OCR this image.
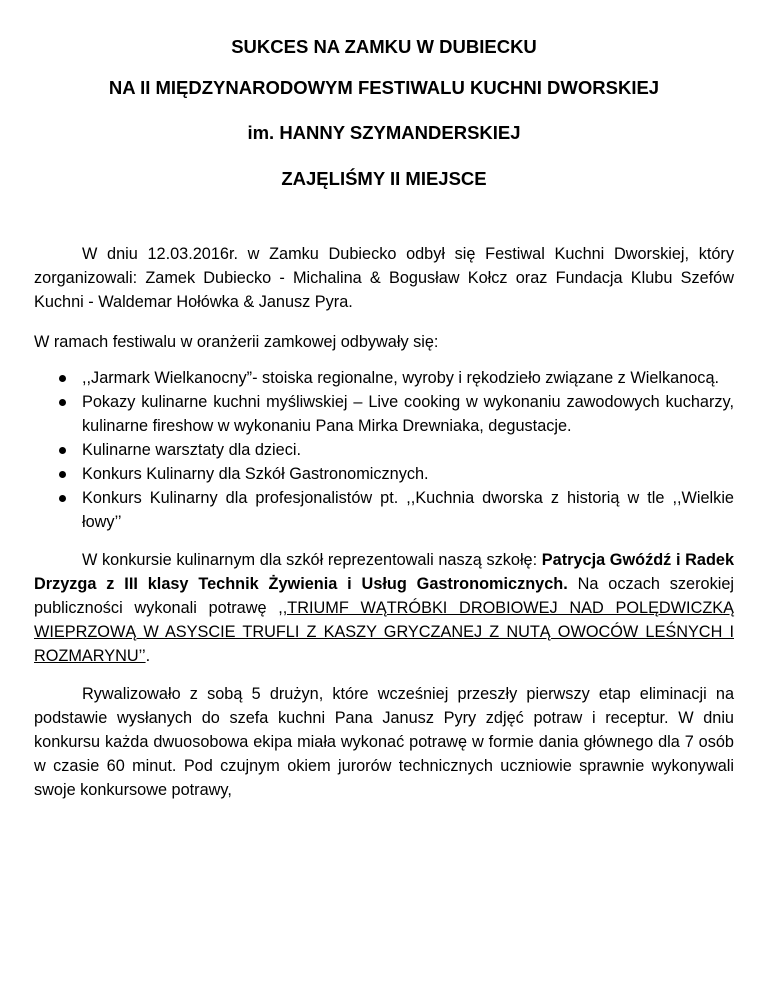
SUKCES NA ZAMKU W DUBIECKU
NA II MIĘDZYNARODOWYM FESTIWALU KUCHNI DWORSKIEJ
im. HANNY SZYMANDERSKIEJ
ZAJĘLIŚMY II MIEJSCE

W dniu 12.03.2016r. w Zamku Dubiecko odbył się Festiwal Kuchni Dworskiej, który zorganizowali: Zamek Dubiecko - Michalina & Bogusław Kołcz oraz Fundacja Klubu Szefów Kuchni - Waldemar Hołówka & Janusz Pyra.

W ramach festiwalu w oranżerii zamkowej odbywały się:

,,Jarmark Wielkanocny”- stoiska regionalne, wyroby i rękodzieło związane z Wielkanocą.
Pokazy kulinarne kuchni myśliwskiej – Live cooking w wykonaniu zawodowych kucharzy, kulinarne fireshow w wykonaniu Pana Mirka Drewniaka, degustacje.
Kulinarne warsztaty dla dzieci.
Konkurs Kulinarny dla Szkół Gastronomicznych.
Konkurs Kulinarny dla profesjonalistów pt. ,,Kuchnia dworska z historią w tle ,,Wielkie łowy’’

W konkursie kulinarnym dla szkół reprezentowali naszą szkołę: Patrycja Gwóźdź i Radek Drzyzga z III klasy Technik Żywienia i Usług Gastronomicznych. Na oczach szerokiej publiczności wykonali potrawę ,,TRIUMF WĄTRÓBKI DROBIOWEJ NAD POLĘDWICZKĄ WIEPRZOWĄ W ASYSCIE TRUFLI Z KASZY GRYCZANEJ Z NUTĄ OWOCÓW LEŚNYCH I ROZMARYNU’’.

Rywalizowało z sobą 5 drużyn, które wcześniej przeszły pierwszy etap eliminacji na podstawie wysłanych do szefa kuchni Pana Janusz Pyry zdjęć potraw i receptur. W dniu konkursu każda dwuosobowa ekipa miała wykonać potrawę w formie dania głównego dla 7 osób w czasie 60 minut. Pod czujnym okiem jurorów technicznych uczniowie sprawnie wykonywali swoje konkursowe potrawy,
